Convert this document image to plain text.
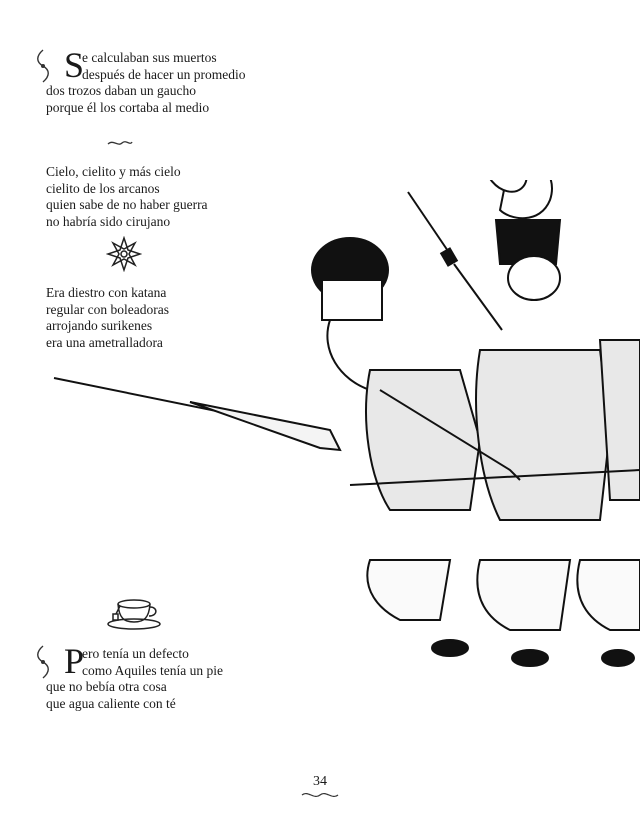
S
e calculaban sus muertos
después de hacer un promedio
dos trozos daban un gaucho
porque él los cortaba al medio
Cielo, cielito y más cielo
cielito de los arcanos
quien sabe de no haber guerra
no habría sido cirujano
Era diestro con katana
regular con boleadoras
arrojando surikenes
era una ametralladora
P
ero tenía un defecto
como Aquiles tenía un pie
que no bebía otra cosa
que agua caliente con té
34
